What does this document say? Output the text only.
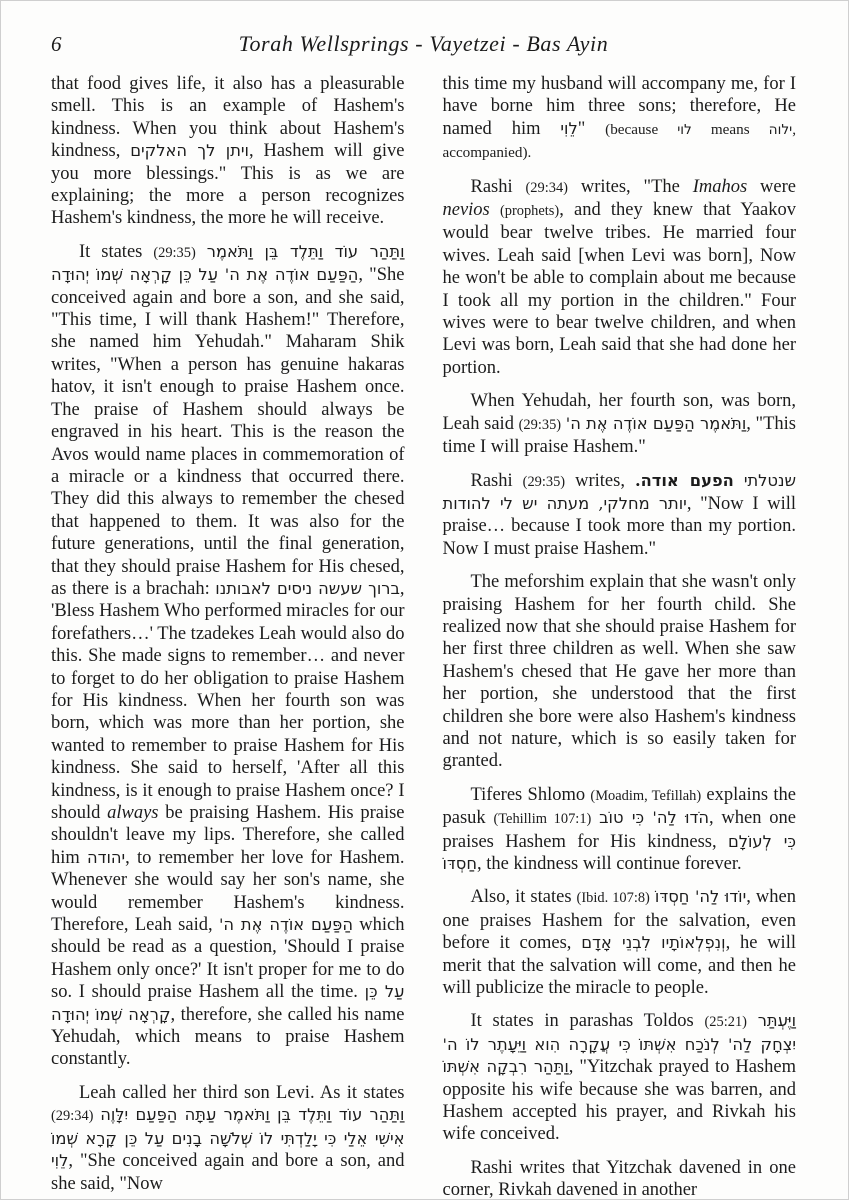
6	Torah Wellsprings - Vayetzei - Bas Ayin

that food gives life, it also has a pleasurable smell. This is an example of Hashem's kindness. When you think about Hashem's kindness, ויתן לך האלקים, Hashem will give you more blessings." This is as we are explaining; the more a person recognizes Hashem's kindness, the more he will receive.

It states (29:35) וַתַּהַר עוֹד וַתֵּלֶד בֵּן וַתֹּאמֶר הַפַּעַם אוֹדֶה אֶת ה' עַל כֵּן קָרְאָה שְׁמוֹ יְהוּדָה, "She conceived again and bore a son, and she said, "This time, I will thank Hashem!" Therefore, she named him Yehudah." Maharam Shik writes, "When a person has genuine hakaras hatov, it isn't enough to praise Hashem once. The praise of Hashem should always be engraved in his heart. This is the reason the Avos would name places in commemoration of a miracle or a kindness that occurred there. They did this always to remember the chesed that happened to them. It was also for the future generations, until the final generation, that they should praise Hashem for His chesed, as there is a brachah: ברוך שעשה ניסים לאבותנו, 'Bless Hashem Who performed miracles for our forefathers…' The tzadekes Leah would also do this. She made signs to remember… and never to forget to do her obligation to praise Hashem for His kindness. When her fourth son was born, which was more than her portion, she wanted to remember to praise Hashem for His kindness. She said to herself, 'After all this kindness, is it enough to praise Hashem once? I should always be praising Hashem. His praise shouldn't leave my lips. Therefore, she called him יהודה, to remember her love for Hashem. Whenever she would say her son's name, she would remember Hashem's kindness. Therefore, Leah said, הַפַּעַם אוֹדֶה אֶת ה' which should be read as a question, 'Should I praise Hashem only once?' It isn't proper for me to do so. I should praise Hashem all the time. עַל כֵּן קָרְאָה שְׁמוֹ יְהוּדָה, therefore, she called his name Yehudah, which means to praise Hashem constantly.

Leah called her third son Levi. As it states (29:34) וַתַּהַר עוֹד וַתֵּלֶד בֵּן וַתֹּאמֶר עַתָּה הַפַּעַם יִלָּוֶה אִישִׁי אֵלַי כִּי יָלַדְתִּי לוֹ שְׁלֹשָׁה בָנִים עַל כֵּן קָרָא שְׁמוֹ לֵוִי, "She conceived again and bore a son, and she said, "Now

this time my husband will accompany me, for I have borne him three sons; therefore, He named him לֵוִי" (because לוי means ילוה, accompanied).

Rashi (29:34) writes, "The Imahos were nevios (prophets), and they knew that Yaakov would bear twelve tribes. He married four wives. Leah said [when Levi was born], Now he won't be able to complain about me because I took all my portion in the children." Four wives were to bear twelve children, and when Levi was born, Leah said that she had done her portion.

When Yehudah, her fourth son, was born, Leah said (29:35) וַתֹּאמֶר הַפַּעַם אוֹדֶה אֶת ה', "This time I will praise Hashem."

Rashi (29:35) writes, הפעם אודה. שנטלתי יותר מחלקי, מעתה יש לי להודות, "Now I will praise… because I took more than my portion. Now I must praise Hashem."

The meforshim explain that she wasn't only praising Hashem for her fourth child. She realized now that she should praise Hashem for her first three children as well. When she saw Hashem's chesed that He gave her more than her portion, she understood that the first children she bore were also Hashem's kindness and not nature, which is so easily taken for granted.

Tiferes Shlomo (Moadim, Tefillah) explains the pasuk (Tehillim 107:1) הֹדוּ לַה' כִּי טוֹב, when one praises Hashem for His kindness, כִּי לְעוֹלָם חַסְדּוֹ, the kindness will continue forever.

Also, it states (Ibid. 107:8) יוֹדוּ לַה' חַסְדּוֹ, when one praises Hashem for the salvation, even before it comes, וְנִפְלְאוֹתָיו לִבְנֵי אָדָם, he will merit that the salvation will come, and then he will publicize the miracle to people.

It states in parashas Toldos (25:21) וַיֶּעְתַּר יִצְחָק לַה' לְנֹכַח אִשְׁתּוֹ כִּי עֲקָרָה הִוא וַיֵּעָתֶר לוֹ ה' וַתַּהַר רִבְקָה אִשְׁתּוֹ, "Yitzchak prayed to Hashem opposite his wife because she was barren, and Hashem accepted his prayer, and Rivkah his wife conceived.

Rashi writes that Yitzchak davened in one corner, Rivkah davened in another
